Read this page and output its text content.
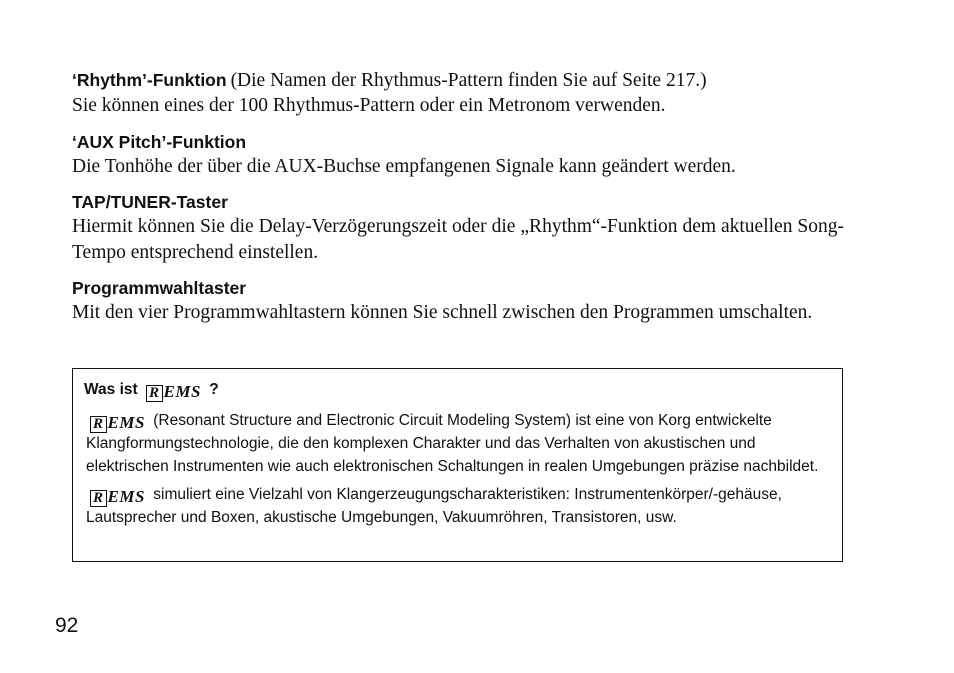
‘Rhythm’-Funktion (Die Namen der Rhythmus-Pattern finden Sie auf Seite 217.)
Sie können eines der 100 Rhythmus-Pattern oder ein Metronom verwenden.
‘AUX Pitch’-Funktion
Die Tonhöhe der über die AUX-Buchse empfangenen Signale kann geändert werden.
TAP/TUNER-Taster
Hiermit können Sie die Delay-Verzögerungszeit oder die „Rhythm“-Funktion dem aktuellen Song-Tempo entsprechend einstellen.
Programmwahltaster
Mit den vier Programmwahltastern können Sie schnell zwischen den Programmen umschalten.
Was ist R EMS ?

R EMS (Resonant Structure and Electronic Circuit Modeling System) ist eine von Korg entwickelte Klangformungstechnologie, die den komplexen Charakter und das Verhalten von akustischen und elektrischen Instrumenten wie auch elektronischen Schaltungen in realen Umgebungen präzise nachbildet.

R EMS simuliert eine Vielzahl von Klangerzeugungscharakteristiken: Instrumentenkörper/-gehäuse, Lautsprecher und Boxen, akustische Umgebungen, Vakuumröhren, Transistoren, usw.

92
